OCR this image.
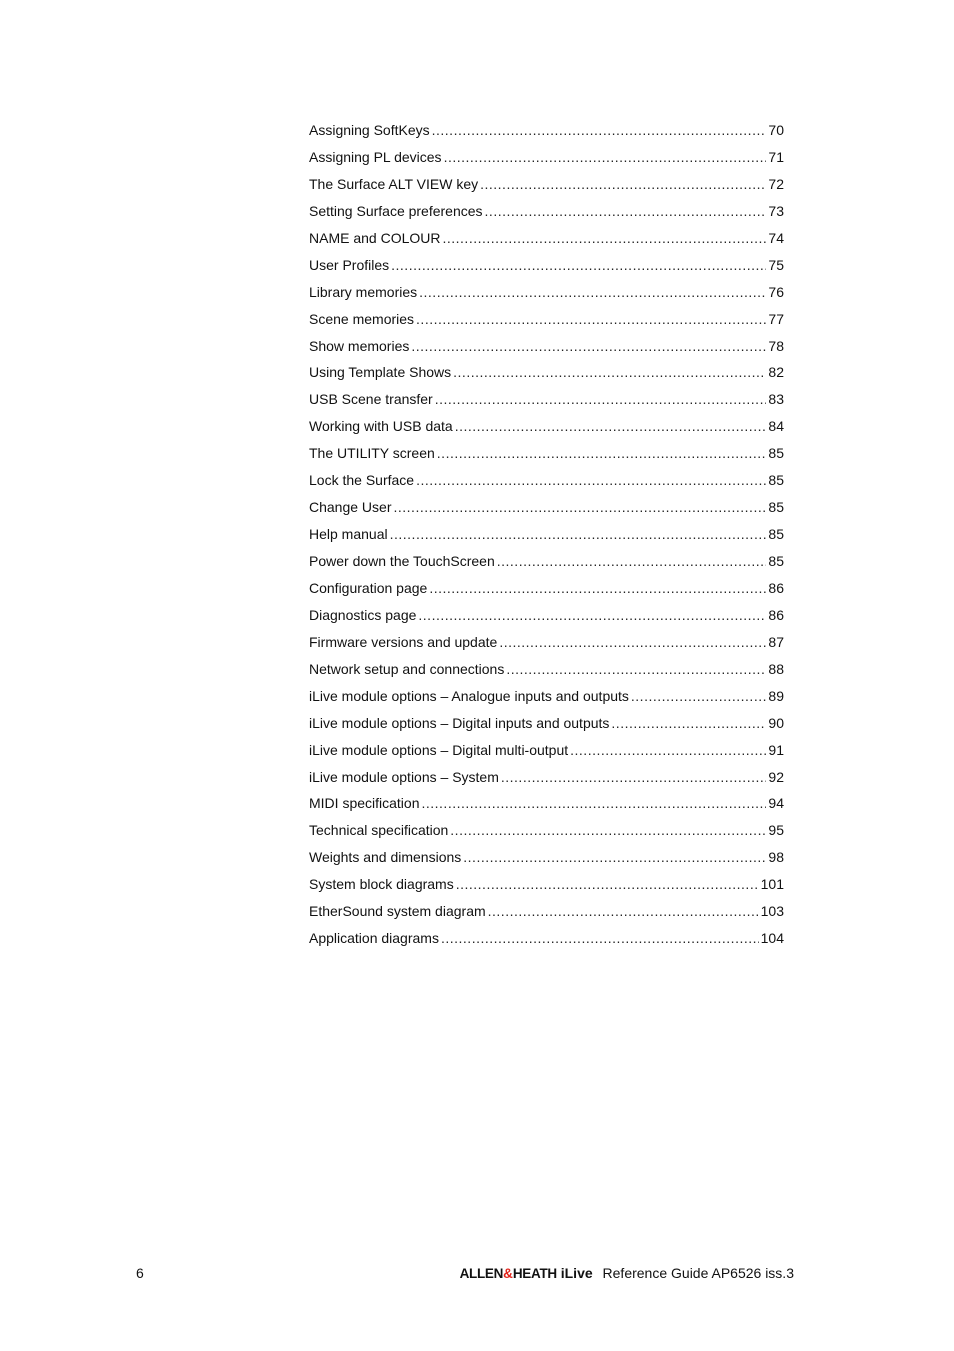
Assigning SoftKeys .....	70
Assigning PL devices .....	71
The Surface ALT VIEW key .....	72
Setting Surface preferences .....	73
NAME and COLOUR .....	74
User Profiles .....	75
Library memories .....	76
Scene memories .....	77
Show memories .....	78
Using Template Shows .....	82
USB Scene transfer .....	83
Working with USB data .....	84
The UTILITY screen .....	85
Lock the Surface .....	85
Change User .....	85
Help manual .....	85
Power down the TouchScreen .....	85
Configuration page .....	86
Diagnostics page .....	86
Firmware versions and update .....	87
Network setup and connections .....	88
iLive module options – Analogue inputs and outputs .....	89
iLive module options – Digital inputs and outputs .....	90
iLive module options – Digital multi-output .....	91
iLive module options – System .....	92
MIDI specification .....	94
Technical specification .....	95
Weights and dimensions .....	98
System block diagrams .....	101
EtherSound system diagram .....	103
Application diagrams .....	104
6	ALLEN&HEATH iLive Reference Guide AP6526 iss.3
